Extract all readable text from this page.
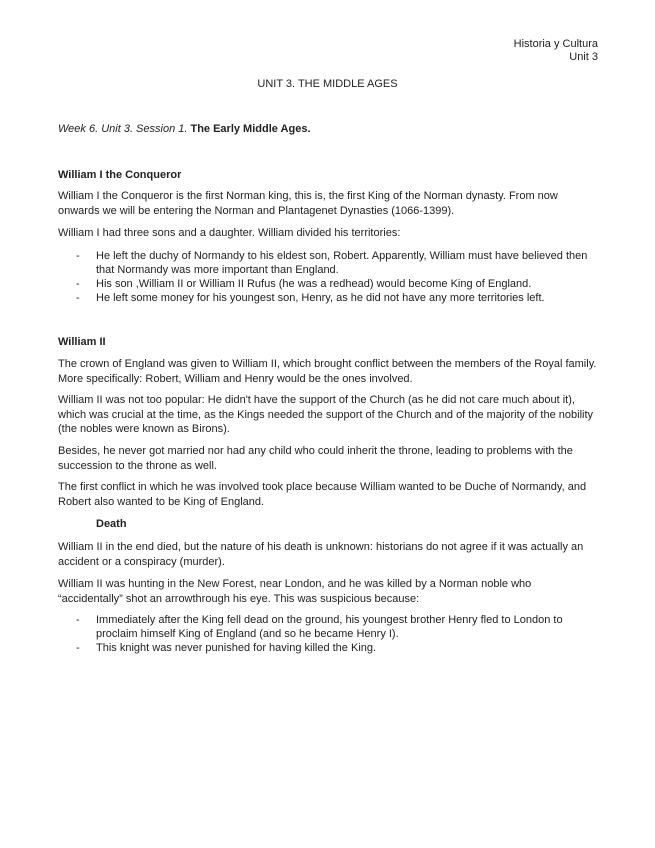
Historia y Cultura
Unit 3
UNIT 3. THE MIDDLE AGES
Week 6. Unit 3. Session 1. The Early Middle Ages.
William I the Conqueror
William I the Conqueror is the first Norman king, this is, the first King of the Norman dynasty. From now onwards we will be entering the Norman and Plantagenet Dynasties (1066-1399).
William I had three sons and a daughter. William divided his territories:
- He left the duchy of Normandy to his eldest son, Robert. Apparently, William must have believed then that Normandy was more important than England.
- His son ,William II or William II Rufus (he was a redhead) would become King of England.
- He left some money for his youngest son, Henry, as he did not have any more territories left.
William II
The crown of England was given to William II, which brought conflict between the members of the Royal family. More specifically: Robert, William and Henry would be the ones involved.
William II was not too popular: He didn't have the support of the Church (as he did not care much about it), which was crucial at the time, as the Kings needed the support of the Church and of the majority of the nobility (the nobles were known as Birons).
Besides, he never got married nor had any child who could inherit the throne, leading to problems with the succession to the throne as well.
The first conflict in which he was involved took place because William wanted to be Duche of Normandy, and Robert also wanted to be King of England.
Death
William II in the end died, but the nature of his death is unknown: historians do not agree if it was actually an accident or a conspiracy (murder).
William II was hunting in the New Forest, near London, and he was killed by a Norman noble who “accidentally” shot an arrowthrough his eye. This was suspicious because:
- Immediately after the King fell dead on the ground, his youngest brother Henry fled to London to proclaim himself King of England (and so he became Henry I).
- This knight was never punished for having killed the King.
